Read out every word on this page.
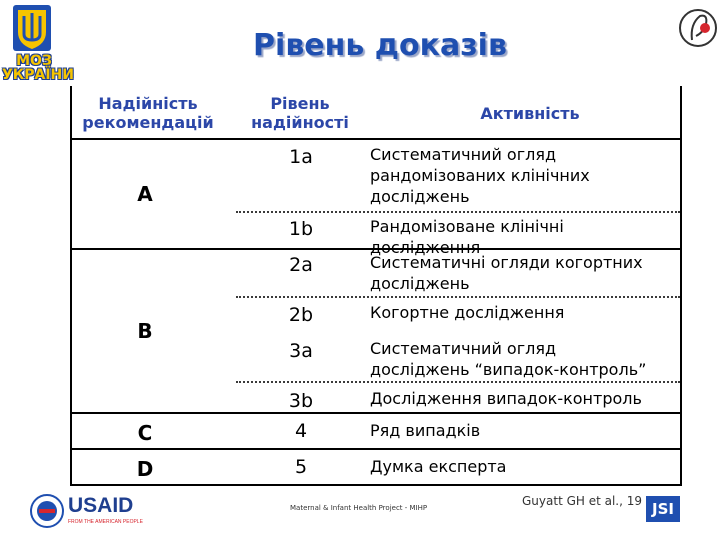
МОЗ УКРАЇНИ
Рівень доказів
Надійність рекомендацій
Рівень надійності	Активність
A
B
C
D
1a
1b
2a
2b
3a
3b
4
5
Систематичний огляд рандомізованих клінічних досліджень
Рандомізоване клінічні дослідження
Систематичні огляди когортних досліджень
Когортне дослідження
Систематичний огляд досліджень “випадок-контроль”
Дослідження випадок-контроль
Ряд випадків
Думка експерта
USAID
FROM THE AMERICAN PEOPLE
Maternal & Infant Health Project - MIHP	Guyatt GH et al., 19 JSI
